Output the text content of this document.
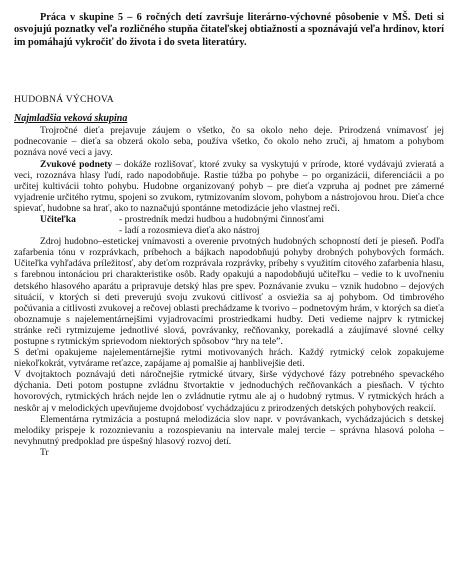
Práca v skupine 5 – 6 ročných detí završuje literárno-výchovné pôsobenie v MŠ. Deti si osvojujú poznatky veľa rozličného stupňa čitateľskej obtiažnosti a spoznávajú veľa hrdinov, ktorí im pomáhajú vykročiť do života i do sveta literatúry.

HUDOBNÁ VÝCHOVA
Najmladšia veková skupina

Trojročné dieťa prejavuje záujem o všetko, čo sa okolo neho deje. Prirodzená vnímavosť jej podnecovanie – dieťa sa obzerá okolo seba, používa všetko, čo okolo neho zruči, aj hmatom a pohybom poznáva nové veci a javy.

Zvukové podnety – dokáže rozlišovať, ktoré zvuky sa vyskytujú v prírode, ktoré vydávajú zvieratá a veci, rozoznáva hlasy ľudí, rado napodobňuje. Rastie túžba po pohybe – po organizácii, diferenciácii a po určitej kultivácii tohto pohybu. Hudobne organizovaný pohyb – pre dieťa vzpruha aj podnet pre zámerné vyjadrenie určitého rytmu, spojeni so zvukom, rytmizovaním slovom, pohybom a nástrojovou hrou. Dieťa chce spievať, hudobne sa hrať, ako to naznačujú spontánne metodizácie jeho vlastnej reči.

Učiteľka	- prostredník medzi hudbou a hudobnými činnosťami
- ladí a rozosmieva dieťa ako nástroj

Zdroj hudobno–estetickej vnímavosti a overenie prvotných hudobných schopností detí je pieseň. Podľa zafarbenia tónu v rozprávkach, príbehoch a bájkach napodobňujú pohyby drobných pohybových formách. Učiteľka vyhľadáva príležitosť, aby deťom rozprávala rozprávky, príbehy s využitím citového zafarbenia hlasu, s farebnou intonáciou pri charakteristike osôb. Rady opakujú a napodobňujú učiteľku – vedie to k uvoľneniu detského hlasového aparátu a pripravuje detský hlas pre spev. Poznávanie zvuku – vznik hudobno – dejových situácií, v ktorých si deti preverujú svoju zvukovú citlivosť a osviežia sa aj pohybom. Od timbrového počúvania a citlivosti zvukovej a rečovej oblasti prechádzame k tvorivo – podnetovým hrám, v ktorých sa dieťa oboznamuje s najelementárnejšími vyjadrovacími prostriedkami hudby. Deti vedieme najprv k rytmickej stránke reči rytmizujeme jednotlivé slová, povrávanky, rečňovanky, porekadlá a záujímavé slovné celky postupne s rytmickým sprievodom niektorých spôsobov “hry na tele”.

S deťmi opakujeme najelementárnejšie rytmi motivovaných hrách. Každý rytmický celok zopakujeme niekoľkokrát, vytvárame reťazce, zapájame aj pomalšie aj hanblivejšie deti.

V dvojtaktoch poznávajú deti náročnejšie rytmické útvary, širše výdychové fázy potrebného spevackého dýchania. Deti potom postupne zvládnu štvortaktie v jednoduchých rečňovankách a piesňach. V týchto hovorových, rytmických hrách nejde len o zvládnutie rytmu ale aj o hudobný rytmus. V rytmických hrách a neskôr aj v melodických upevňujeme dvojdobosť vychádzajúcu z prirodzených detských pohybových reakcií.

Elementárna rytmizácia a postupná melodizácia slov napr. v povrávankach, vychádzajúcich s detskej melodiky prispeje k rozoznievaniu a rozospievaniu na intervale malej tercie – správna hlasová poloha – nevyhnutný predpoklad pre úspešný hlasový rozvoj detí.

Tr
